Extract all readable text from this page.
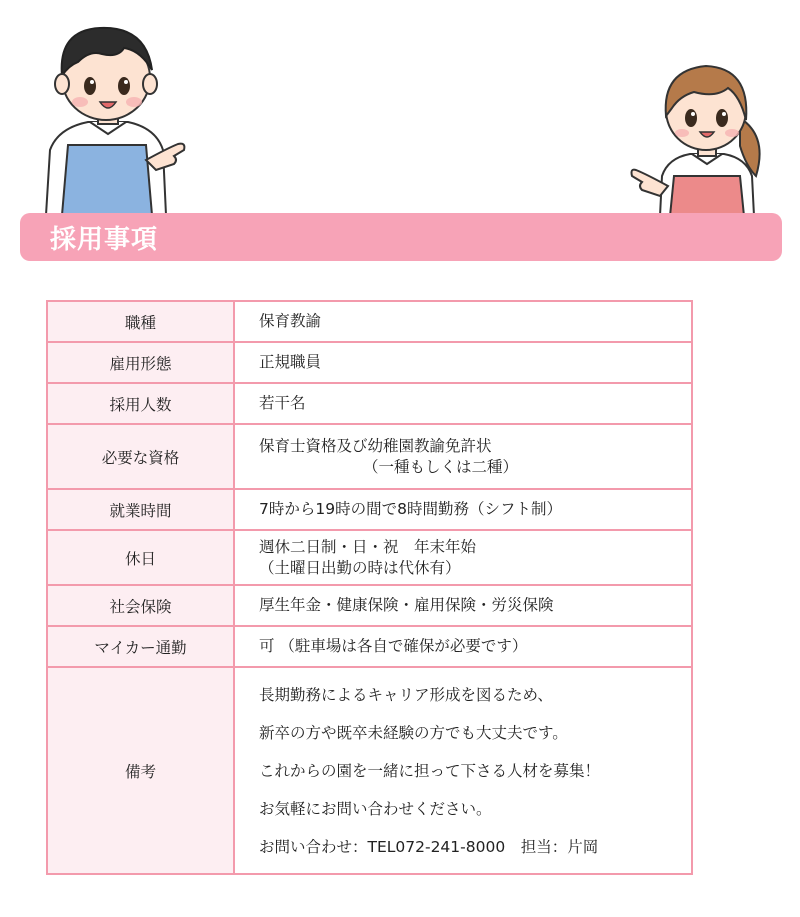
採用事項
職種	保育教諭
雇用形態	正規職員
採用人数	若干名
必要な資格	保育士資格及び幼稚園教諭免許状
（一種もしくは二種）

就業時間	7時から19時の間で8時間勤務（シフト制）
休日	週休二日制・日・祝　年末年始
（土曜日出勤の時は代休有）

社会保険	厚生年金・健康保険・雇用保険・労災保険
マイカー通勤	可 （駐車場は各自で確保が必要です）
備考	長期勤務によるキャリア形成を図るため、
新卒の方や既卒未経験の方でも大丈夫です。
これからの園を一緒に担って下さる人材を募集！
お気軽にお問い合わせください。
お問い合わせ：TEL072-241-8000　担当：片岡
